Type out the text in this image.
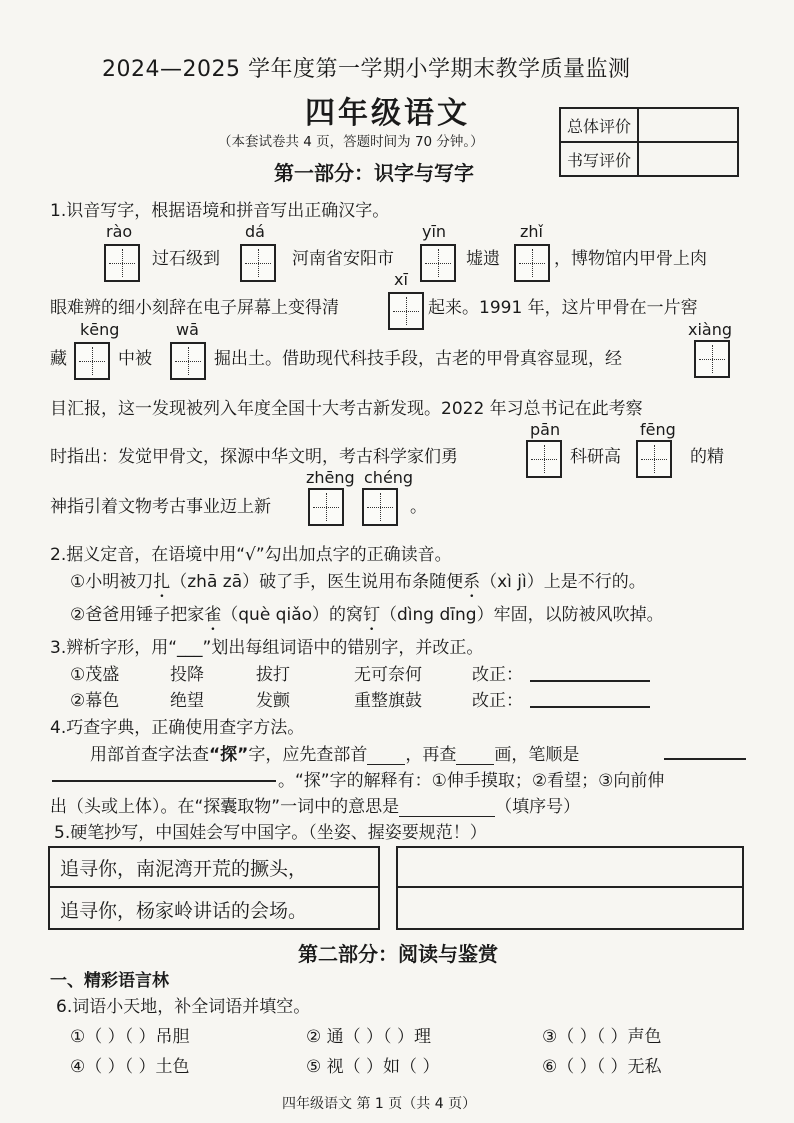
2024—2025 学年度第一学期小学期末教学质量监测
四年级语文
（本套试卷共 4 页，答题时间为 70 分钟。）
总体评价	
书写评价	
第一部分：识字与写字
1.识音写字，根据语境和拼音写出正确汉字。
rào	dá	yīn	zhǐ
过石级到	河南省安阳市	墟遗	，博物馆内甲骨上肉
xī
眼难辨的细小刻辞在电子屏幕上变得清	起来。1991 年，这片甲骨在一片窖
kēng	wā	xiàng
藏	中被	掘出土。借助现代科技手段，古老的甲骨真容显现，经
目汇报，这一发现被列入年度全国十大考古新发现。2022 年习总书记在此考察
pān	fēng
时指出：发觉甲骨文，探源中华文明，考古科学家们勇	科研高	的精
zhēng chéng
神指引着文物考古事业迈上新	。
2.据义定音，在语境中用“√”勾出加点字的正确读音。
①小明被刀扎（zhā zā）破了手，医生说用布条随便系（xì jì）上是不行的。
②爸爸用锤子把家雀（què qiǎo）的窝钉（dìng dīng）牢固，以防被风吹掉。
3.辨析字形，用“___”划出每组词语中的错别字，并改正。
①茂盛	投降	拔打	无可奈何	改正：
②幕色	绝望	发颤	重整旗鼓	改正：
4.巧查字典，正确使用查字方法。
用部首查字法查“探”字，应先查部首 ，再查 画，笔顺是
。“探”字的解释有：①伸手摸取；②看望；③向前伸
出（头或上体）。在“探囊取物”一词中的意思是	（填序号）
5.硬笔抄写，中国娃会写中国字。（坐姿、握姿要规范！）
追寻你，南泥湾开荒的撅头，
追寻你，杨家岭讲话的会场。
第二部分：阅读与鉴赏
一、精彩语言林
6.词语小天地，补全词语并填空。
①（ ）（ ）吊胆	② 通（ ）（ ）理	③（ ）（ ）声色
④（ ）（ ）土色	⑤ 视（ ）如（ ）	⑥（ ）（ ）无私
四年级语文 第 1 页（共 4 页）
